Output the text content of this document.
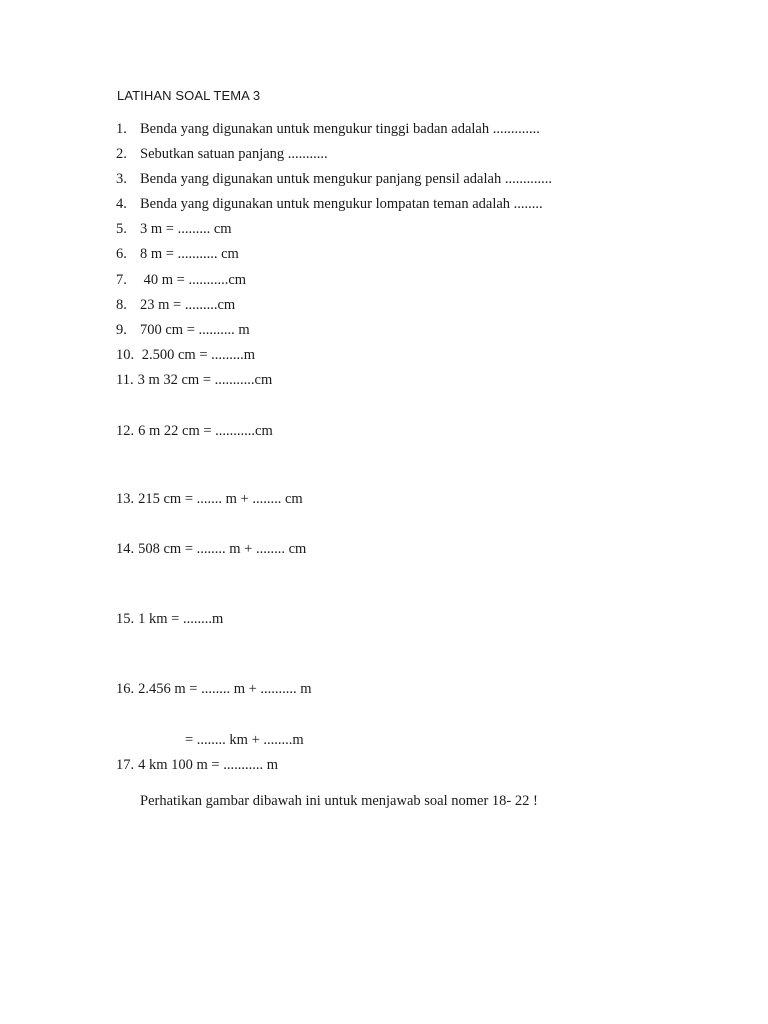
LATIHAN SOAL TEMA 3
1. Benda yang digunakan untuk mengukur tinggi badan adalah .............
2. Sebutkan satuan panjang ...........
3. Benda yang digunakan untuk mengukur panjang pensil adalah .............
4. Benda yang digunakan untuk mengukur lompatan teman adalah ........
5. 3 m = ......... cm
6. 8 m = ........... cm
7. 40 m = ...........cm
8. 23 m = .........cm
9. 700 cm = .......... m
10. 2.500 cm = .........m
11. 3 m 32 cm = ...........cm
12. 6 m 22 cm = ...........cm
13. 215 cm = ....... m + ........ cm
14. 508 cm = ........ m + ........ cm
15. 1 km = ........m
16. 2.456 m = ........ m + .......... m
= ........ km + ........m
17. 4 km 100 m = ........... m
Perhatikan gambar dibawah ini untuk menjawab soal nomer 18- 22 !
